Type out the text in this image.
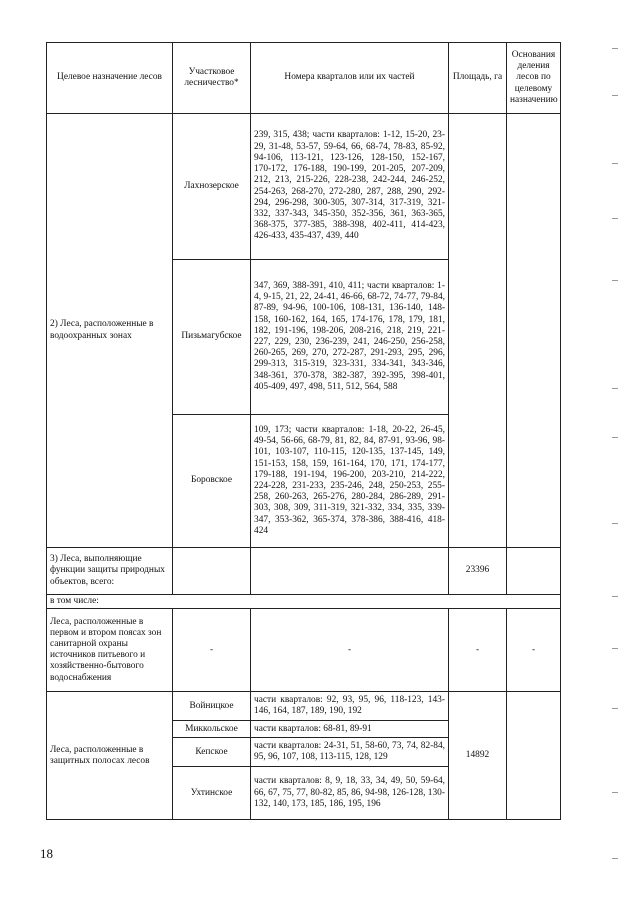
Целевое назначение лесов	Участковое лесничество*	Номера кварталов или их частей	Площадь, га	Основания деления лесов по целевому назначению
2) Леса, расположенные в водоохранных зонах	Лахнозерское	239, 315, 438; части кварталов: 1-12, 15-20, 23-29, 31-48, 53-57, 59-64, 66, 68-74, 78-83, 85-92, 94-106, 113-121, 123-126, 128-150, 152-167, 170-172, 176-188, 190-199, 201-205, 207-209, 212, 213, 215-226, 228-238, 242-244, 246-252, 254-263, 268-270, 272-280, 287, 288, 290, 292-294, 296-298, 300-305, 307-314, 317-319, 321-332, 337-343, 345-350, 352-356, 361, 363-365, 368-375, 377-385, 388-398, 402-411, 414-423, 426-433, 435-437, 439, 440		
	Пизьмагубское	347, 369, 388-391, 410, 411; части кварталов: 1-4, 9-15, 21, 22, 24-41, 46-66, 68-72, 74-77, 79-84, 87-89, 94-96, 100-106, 108-131, 136-140, 148-158, 160-162, 164, 165, 174-176, 178, 179, 181, 182, 191-196, 198-206, 208-216, 218, 219, 221-227, 229, 230, 236-239, 241, 246-250, 256-258, 260-265, 269, 270, 272-287, 291-293, 295, 296, 299-313, 315-319, 323-331, 334-341, 343-346, 348-361, 370-378, 382-387, 392-395, 398-401, 405-409, 497, 498, 511, 512, 564, 588		
	Боровское	109, 173; части кварталов: 1-18, 20-22, 26-45, 49-54, 56-66, 68-79, 81, 82, 84, 87-91, 93-96, 98-101, 103-107, 110-115, 120-135, 137-145, 149, 151-153, 158, 159, 161-164, 170, 171, 174-177, 179-188, 191-194, 196-200, 203-210, 214-222, 224-228, 231-233, 235-246, 248, 250-253, 255-258, 260-263, 265-276, 280-284, 286-289, 291-303, 308, 309, 311-319, 321-332, 334, 335, 339-347, 353-362, 365-374, 378-386, 388-416, 418-424		
3) Леса, выполняющие функции защиты природных объектов, всего:			23396	
в том числе:				
Леса, расположенные в первом и втором поясах зон санитарной охраны источников питьевого и хозяйственно-бытового водоснабжения	-	-	-	-
Леса, расположенные в защитных полосах лесов	Войницкое	части кварталов: 92, 93, 95, 96, 118-123, 143-146, 164, 187, 189, 190, 192	14892	
	Миккольское	части кварталов: 68-81, 89-91		
	Кепское	части кварталов: 24-31, 51, 58-60, 73, 74, 82-84, 95, 96, 107, 108, 113-115, 128, 129		
	Ухтинское	части кварталов: 8, 9, 18, 33, 34, 49, 50, 59-64, 66, 67, 75, 77, 80-82, 85, 86, 94-98, 126-128, 130-132, 140, 173, 185, 186, 195, 196		
18
